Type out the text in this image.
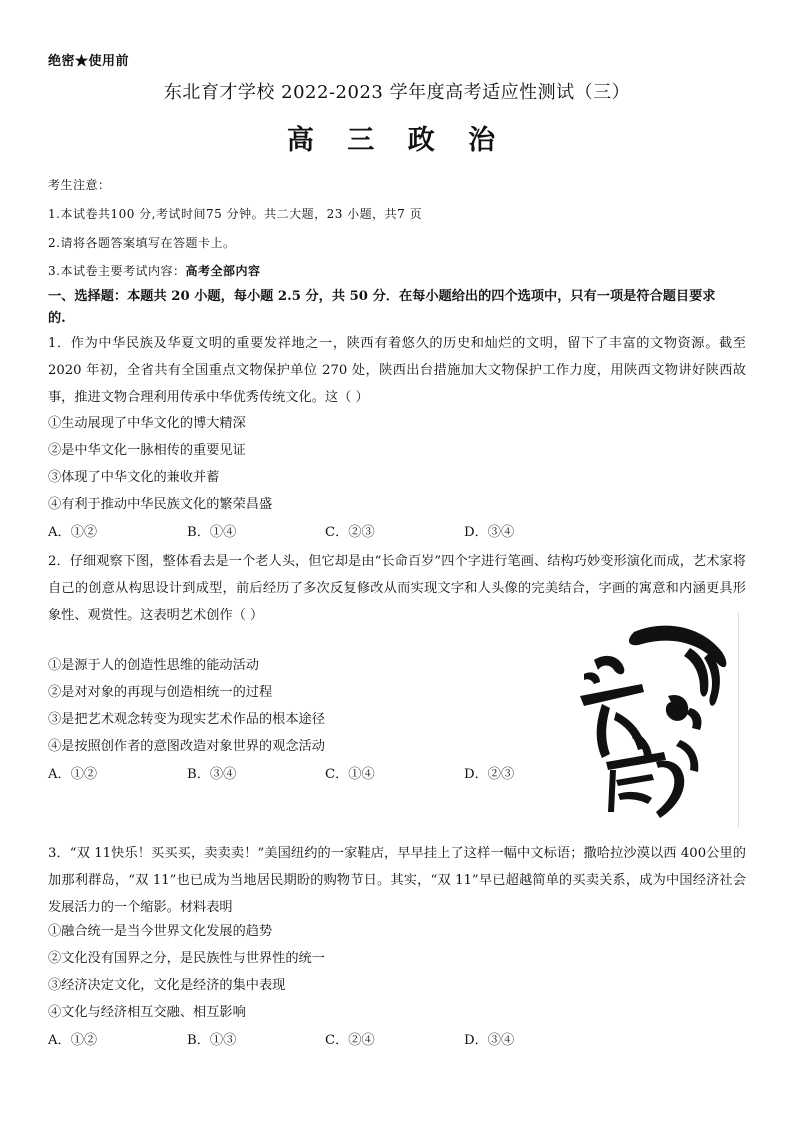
绝密★使用前
东北育才学校 2022-2023 学年度高考适应性测试（三）
高 三 政 治
考生注意：
1.本试卷共100 分,考试时间75 分钟。共二大题，23 小题，共7 页
2.请将各题答案填写在答题卡上。
3.本试卷主要考试内容：高考全部内容
一、选择题：本题共 20 小题，每小题 2.5 分，共 50 分．在每小题给出的四个选项中，只有一项是符合题目要求
的.
1．作为中华民族及华夏文明的重要发祥地之一，陕西有着悠久的历史和灿烂的文明，留下了丰富的文物资源。截至 2020 年初，全省共有全国重点文物保护单位 270 处，陕西出台措施加大文物保护工作力度，用陕西文物讲好陕西故事，推进文物合理利用传承中华优秀传统文化。这（ ）
①生动展现了中华文化的博大精深
②是中华文化一脉相传的重要见证
③体现了中华文化的兼收并蓄
④有利于推动中华民族文化的繁荣昌盛
A．①②	B．①④	C．②③	D．③④
2．仔细观察下图，整体看去是一个老人头，但它却是由“长命百岁”四个字进行笔画、结构巧妙变形演化而成，艺术家将自己的创意从构思设计到成型，前后经历了多次反复修改从而实现文字和人头像的完美结合，字画的寓意和内涵更具形象性、观赏性。这表明艺术创作（ ）
①是源于人的创造性思维的能动活动
②是对对象的再现与创造相统一的过程
③是把艺术观念转变为现实艺术作品的根本途径
④是按照创作者的意图改造对象世界的观念活动
A．①②	B．③④	C．①④	D．②③
3．“双 11快乐！买买买，卖卖卖！”美国纽约的一家鞋店，早早挂上了这样一幅中文标语；撒哈拉沙漠以西 400公里的加那利群岛，“双 11”也已成为当地居民期盼的购物节日。其实，“双 11”早已超越简单的买卖关系，成为中国经济社会发展活力的一个缩影。材料表明
①融合统一是当今世界文化发展的趋势
②文化没有国界之分，是民族性与世界性的统一
③经济决定文化，文化是经济的集中表现
④文化与经济相互交融、相互影响
A．①②	B．①③	C．②④	D．③④
